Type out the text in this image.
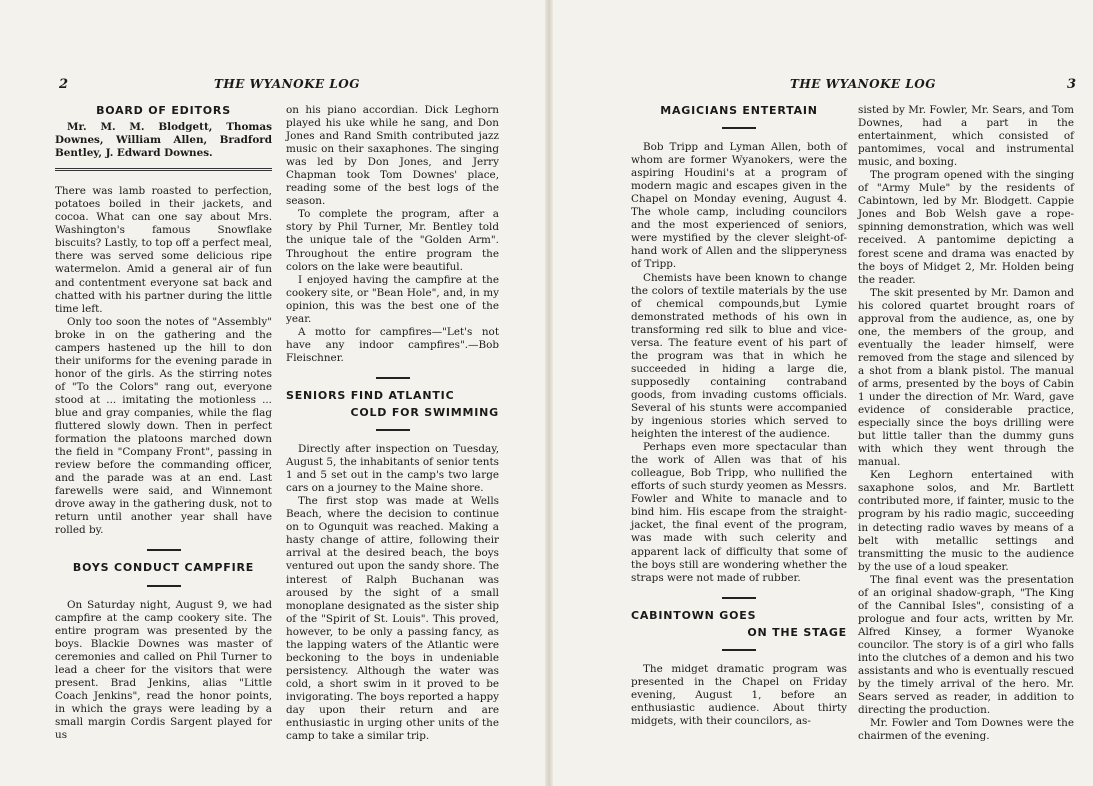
2	THE WYANOKE LOG
BOARD OF EDITORS

Mr. M. M. Blodgett, Thomas Downes, William Allen, Bradford Bentley, J. Edward Downes.

There was lamb roasted to perfection, potatoes boiled in their jackets, and cocoa. What can one say about Mrs. Washington's famous Snowflake biscuits? Lastly, to top off a perfect meal, there was served some delicious ripe watermelon. Amid a general air of fun and contentment everyone sat back and chatted with his partner during the little time left.

Only too soon the notes of "Assembly" broke in on the gathering and the campers hastened up the hill to don their uniforms for the evening parade in honor of the girls. As the stirring notes of "To the Colors" rang out, everyone stood at ... imitating the motionless ... blue and gray companies, while the flag fluttered slowly down. Then in perfect formation the platoons marched down the field in "Company Front", passing in review before the commanding officer, and the parade was at an end. Last farewells were said, and Winnemont drove away in the gathering dusk, not to return until another year shall have rolled by.

BOYS CONDUCT CAMPFIRE

On Saturday night, August 9, we had campfire at the camp cookery site. The entire program was presented by the boys. Blackie Downes was master of ceremonies and called on Phil Turner to lead a cheer for the visitors that were present. Brad Jenkins, alias "Little Coach Jenkins", read the honor points, in which the grays were leading by a small margin Cordis Sargent played for us

on his piano accordian. Dick Leghorn played his uke while he sang, and Don Jones and Rand Smith contributed jazz music on their saxaphones. The singing was led by Don Jones, and Jerry Chapman took Tom Downes' place, reading some of the best logs of the season.

To complete the program, after a story by Phil Turner, Mr. Bentley told the unique tale of the "Golden Arm". Throughout the entire program the colors on the lake were beautiful.

I enjoyed having the campfire at the cookery site, or "Bean Hole", and, in my opinion, this was the best one of the year.

A motto for campfires—"Let's not have any indoor campfires".—Bob Fleischner.

SENIORS FIND ATLANTIC
COLD FOR SWIMMING

Directly after inspection on Tuesday, August 5, the inhabitants of senior tents 1 and 5 set out in the camp's two large cars on a journey to the Maine shore.

The first stop was made at Wells Beach, where the decision to continue on to Ogunquit was reached. Making a hasty change of attire, following their arrival at the desired beach, the boys ventured out upon the sandy shore. The interest of Ralph Buchanan was aroused by the sight of a small monoplane designated as the sister ship of the "Spirit of St. Louis". This proved, however, to be only a passing fancy, as the lapping waters of the Atlantic were beckoning to the boys in undeniable persistency. Although the water was cold, a short swim in it proved to be invigorating. The boys reported a happy day upon their return and are enthusiastic in urging other units of the camp to take a similar trip.

THE WYANOKE LOG	3
MAGICIANS ENTERTAIN

Bob Tripp and Lyman Allen, both of whom are former Wyanokers, were the aspiring Houdini's at a program of modern magic and escapes given in the Chapel on Monday evening, August 4. The whole camp, including councilors and the most experienced of seniors, were mystified by the clever sleight-of-hand work of Allen and the slipperyness of Tripp.

Chemists have been known to change the colors of textile materials by the use of chemical compounds,but Lymie demonstrated methods of his own in transforming red silk to blue and vice-versa. The feature event of his part of the program was that in which he succeeded in hiding a large die, supposedly containing contraband goods, from invading customs officials. Several of his stunts were accompanied by ingenious stories which served to heighten the interest of the audience.

Perhaps even more spectacular than the work of Allen was that of his colleague, Bob Tripp, who nullified the efforts of such sturdy yeomen as Messrs. Fowler and White to manacle and to bind him. His escape from the straight-jacket, the final event of the program, was made with such celerity and apparent lack of difficulty that some of the boys still are wondering whether the straps were not made of rubber.

CABINTOWN GOES
ON THE STAGE

The midget dramatic program was presented in the Chapel on Friday evening, August 1, before an enthusiastic audience. About thirty midgets, with their councilors, as-

sisted by Mr. Fowler, Mr. Sears, and Tom Downes, had a part in the entertainment, which consisted of pantomimes, vocal and instrumental music, and boxing.

The program opened with the singing of "Army Mule" by the residents of Cabintown, led by Mr. Blodgett. Cappie Jones and Bob Welsh gave a rope-spinning demonstration, which was well received. A pantomime depicting a forest scene and drama was enacted by the boys of Midget 2, Mr. Holden being the reader.

The skit presented by Mr. Damon and his colored quartet brought roars of approval from the audience, as, one by one, the members of the group, and eventually the leader himself, were removed from the stage and silenced by a shot from a blank pistol. The manual of arms, presented by the boys of Cabin 1 under the direction of Mr. Ward, gave evidence of considerable practice, especially since the boys drilling were but little taller than the dummy guns with which they went through the manual.

Ken Leghorn entertained with saxaphone solos, and Mr. Bartlett contributed more, if fainter, music to the program by his radio magic, succeeding in detecting radio waves by means of a belt with metallic settings and transmitting the music to the audience by the use of a loud speaker.

The final event was the presentation of an original shadow-graph, "The King of the Cannibal Isles", consisting of a prologue and four acts, written by Mr. Alfred Kinsey, a former Wyanoke councilor. The story is of a girl who falls into the clutches of a demon and his two assistants and who is eventually rescued by the timely arrival of the hero. Mr. Sears served as reader, in addition to directing the production.

Mr. Fowler and Tom Downes were the chairmen of the evening.
